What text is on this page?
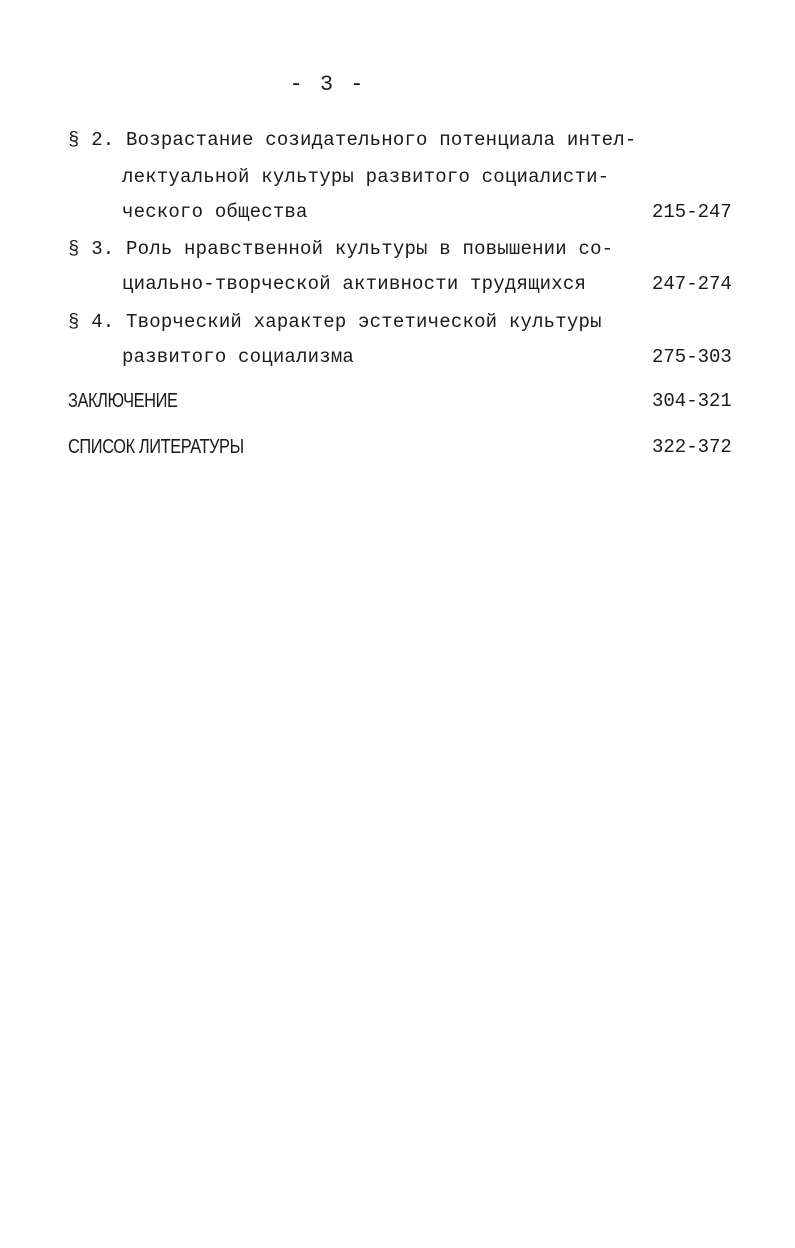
- 3 -
§ 2. Возрастание созидательного потенциала интел-
лектуальной культуры развитого социалисти-
ческого общества	215-247
§ 3. Роль нравственной культуры в повышении со-
циально-творческой активности трудящихся	247-274
§ 4. Творческий характер эстетической культуры
развитого социализма	275-303
ЗАКЛЮЧЕНИЕ	304-321
СПИСОК ЛИТЕРАТУРЫ	322-372
